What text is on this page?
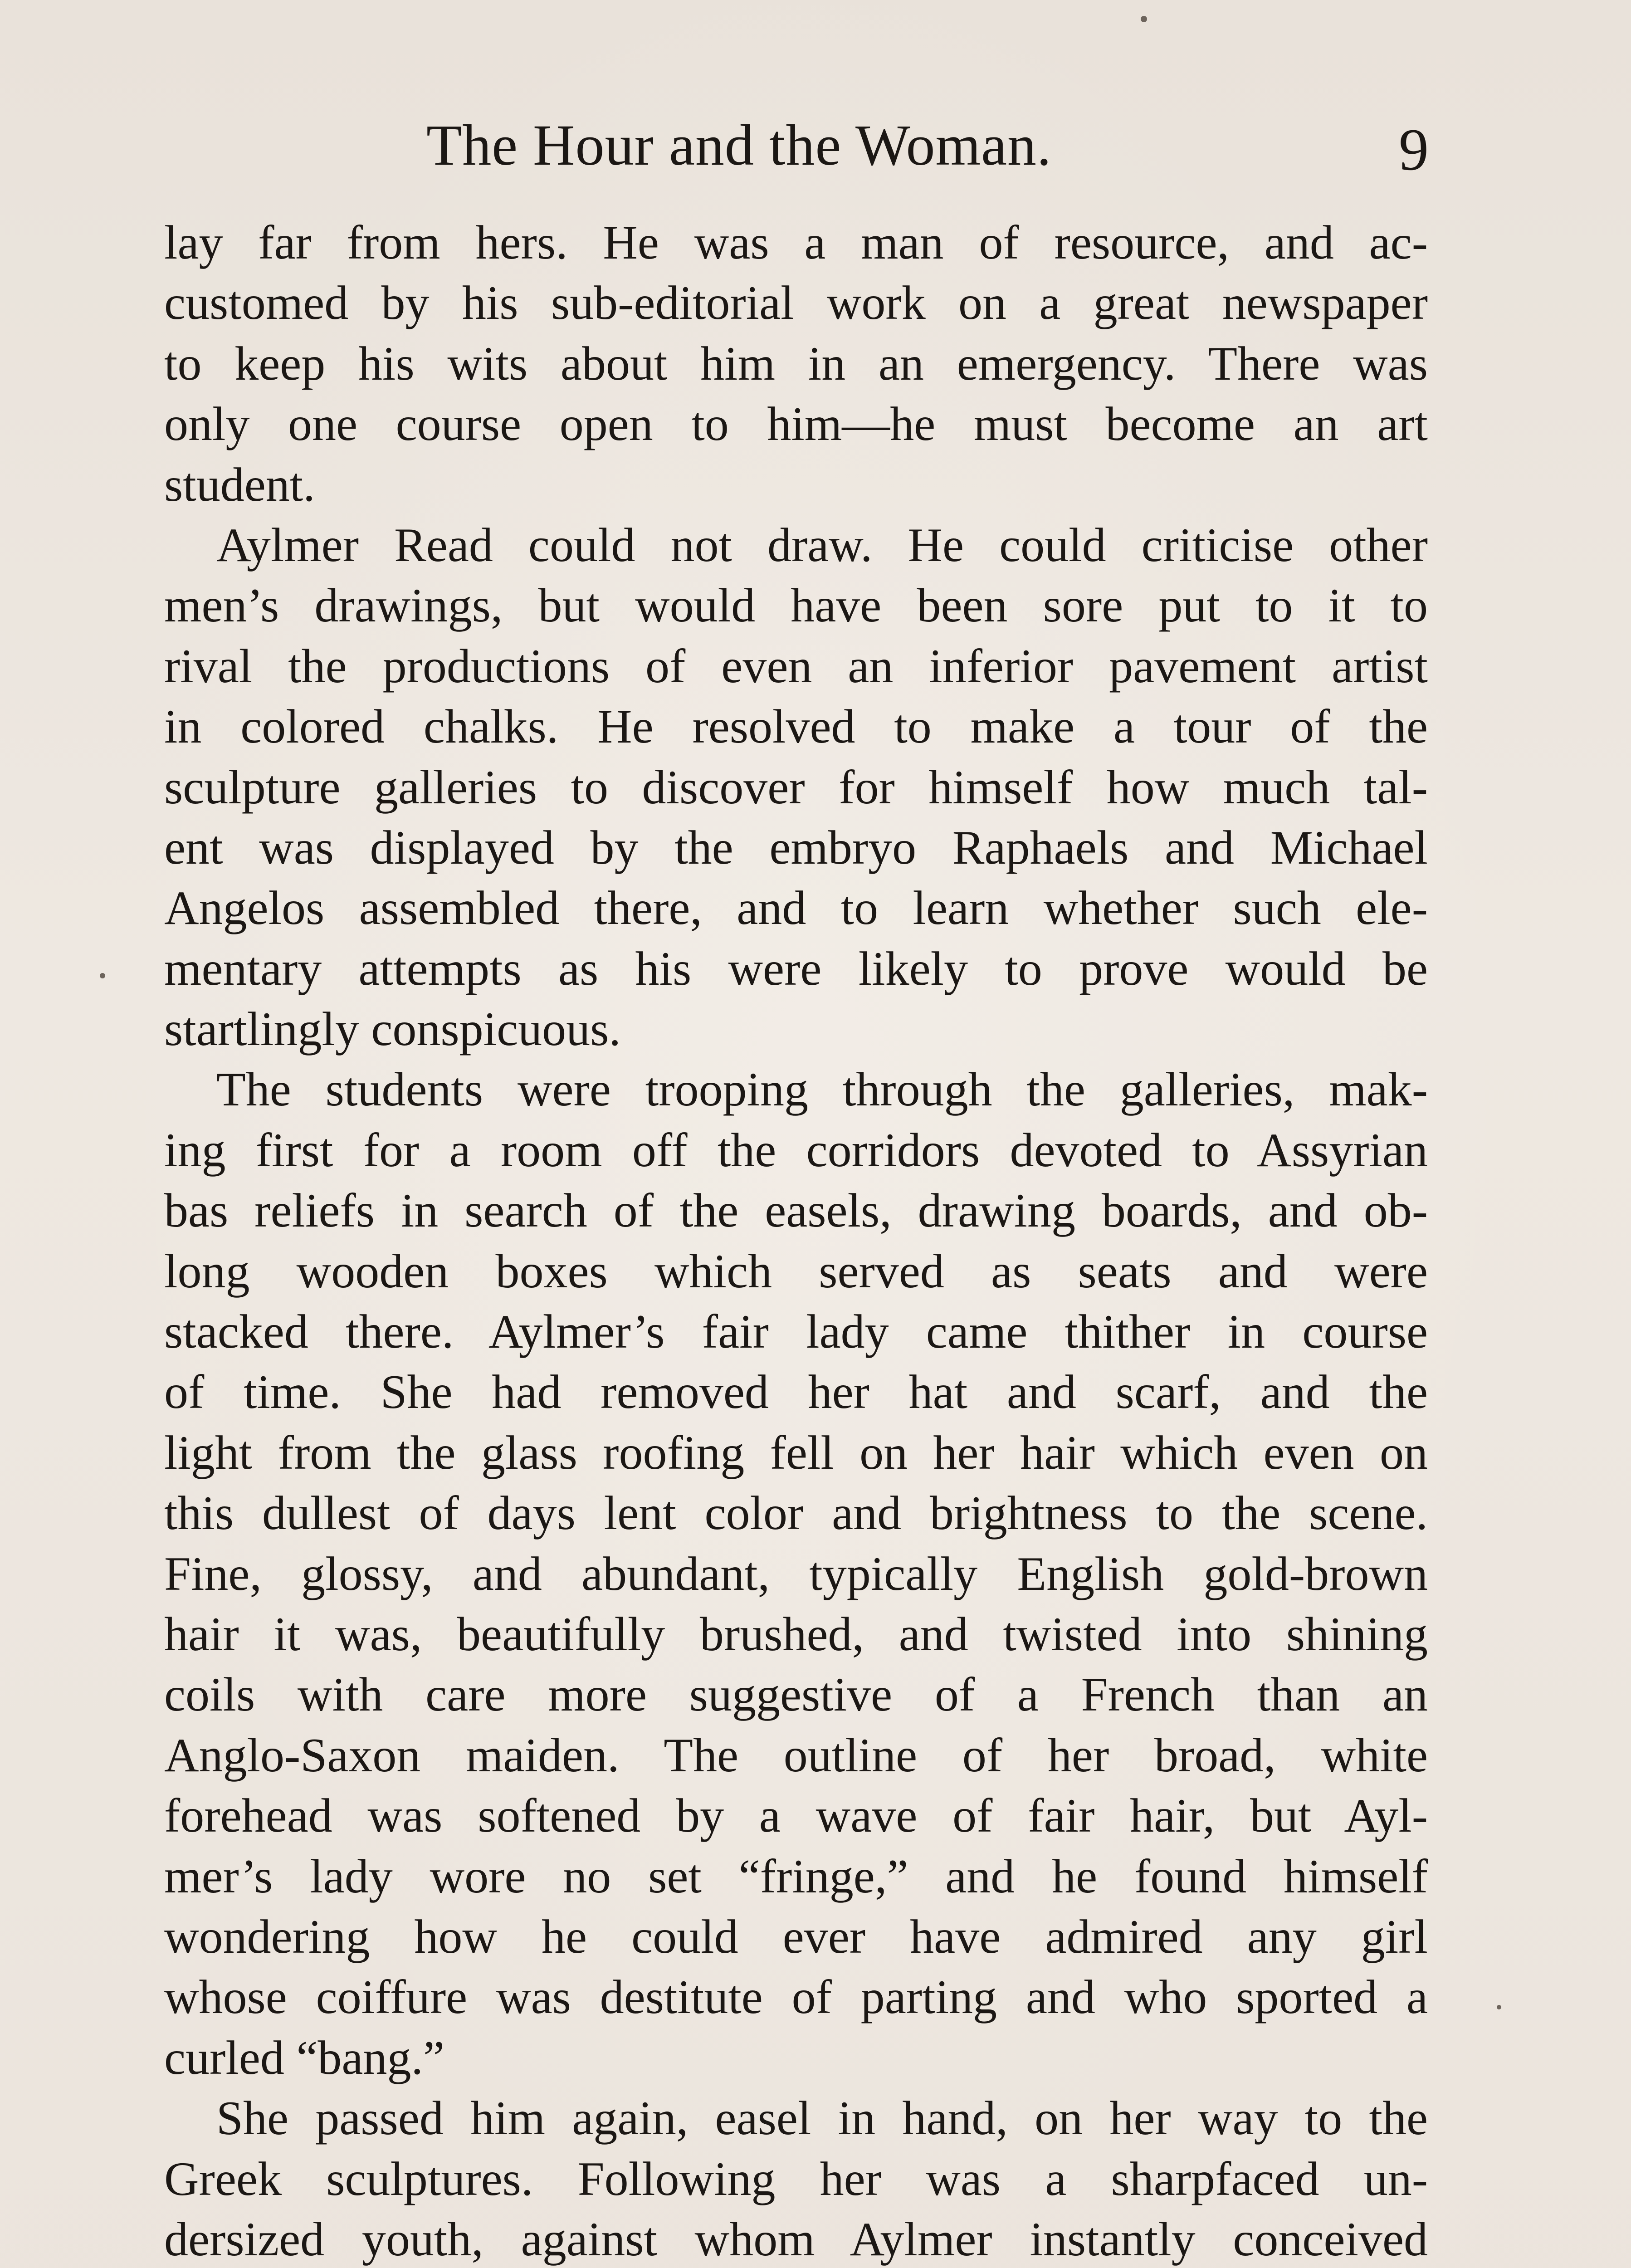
The Hour and the Woman.	9
lay far from hers. He was a man of resource, and ac-
customed by his sub-editorial work on a great newspaper
to keep his wits about him in an emergency. There was
only one course open to him—he must become an art
student.
Aylmer Read could not draw. He could criticise other
men’s drawings, but would have been sore put to it to
rival the productions of even an inferior pavement artist
in colored chalks. He resolved to make a tour of the
sculpture galleries to discover for himself how much tal-
ent was displayed by the embryo Raphaels and Michael
Angelos assembled there, and to learn whether such ele-
mentary attempts as his were likely to prove would be
startlingly conspicuous.
The students were trooping through the galleries, mak-
ing first for a room off the corridors devoted to Assyrian
bas reliefs in search of the easels, drawing boards, and ob-
long wooden boxes which served as seats and were
stacked there. Aylmer’s fair lady came thither in course
of time. She had removed her hat and scarf, and the
light from the glass roofing fell on her hair which even on
this dullest of days lent color and brightness to the scene.
Fine, glossy, and abundant, typically English gold-brown
hair it was, beautifully brushed, and twisted into shining
coils with care more suggestive of a French than an
Anglo-Saxon maiden. The outline of her broad, white
forehead was softened by a wave of fair hair, but Ayl-
mer’s lady wore no set “fringe,” and he found himself
wondering how he could ever have admired any girl
whose coiffure was destitute of parting and who sported a
curled “bang.”
She passed him again, easel in hand, on her way to the
Greek sculptures. Following her was a sharpfaced un-
dersized youth, against whom Aylmer instantly conceived
